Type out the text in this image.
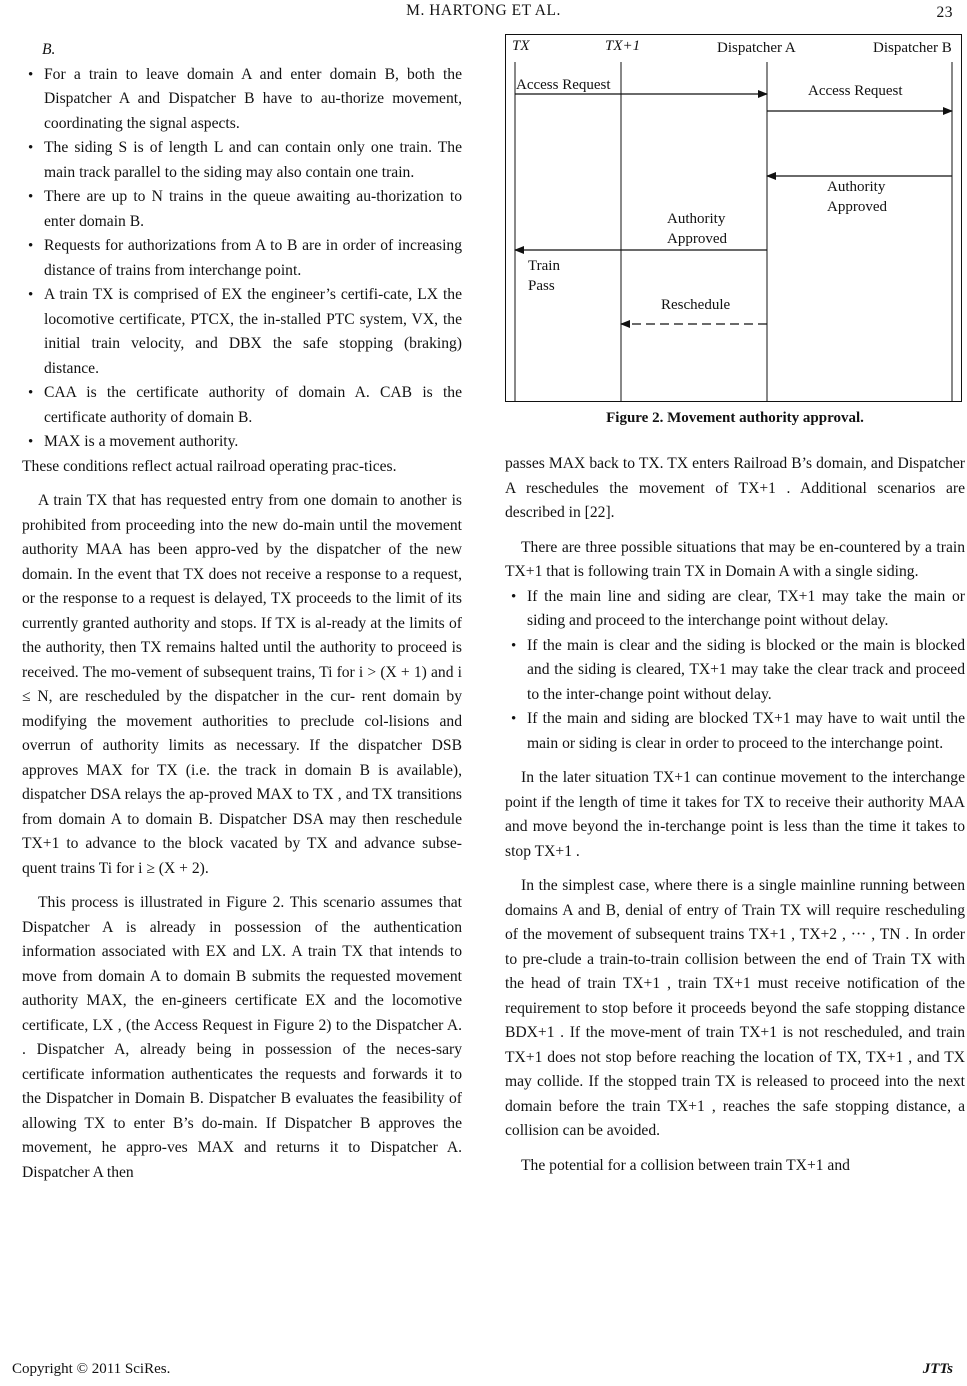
M. HARTONG ET AL.	23

B.

• For a train to leave domain A and enter domain B, both the Dispatcher A and Dispatcher B have to au-thorize movement, coordinating the signal aspects.
• The siding S is of length L and can contain only one train. The main track parallel to the siding may also contain one train.
• There are up to N trains in the queue awaiting au-thorization to enter domain B.
• Requests for authorizations from A to B are in order of increasing distance of trains from interchange point.
• A train TX is comprised of EX the engineer’s certifi-cate, LX the locomotive certificate, PTCX, the in-stalled PTC system, VX, the initial train velocity, and DBX the safe stopping (braking) distance.
• CAA is the certificate authority of domain A. CAB is the certificate authority of domain B.
• MAX is a movement authority.

These conditions reflect actual railroad operating prac-tices.

A train TX that has requested entry from one domain to another is prohibited from proceeding into the new do-main until the movement authority MAA has been appro-ved by the dispatcher of the new domain. In the event that TX does not receive a response to a request, or the response to a request is delayed, TX proceeds to the limit of its currently granted authority and stops. If TX is al-ready at the limits of the authority, then TX remains halted until the authority to proceed is received. The mo-vement of subsequent trains, Ti for i > (X + 1) and i ≤ N, are rescheduled by the dispatcher in the cur- rent domain by modifying the movement authorities to preclude col-lisions and overrun of authority limits as necessary. If the dispatcher DSB approves MAX for TX (i.e. the track in domain B is available), dispatcher DSA relays the ap-proved MAX to TX , and TX transitions from domain A to domain B. Dispatcher DSA may then reschedule TX+1 to advance to the block vacated by TX and advance subse-quent trains Ti for i ≥ (X + 2).

This process is illustrated in Figure 2. This scenario assumes that Dispatcher A is already in possession of the authentication information associated with EX and LX. A train TX that intends to move from domain A to domain B submits the requested movement authority MAX, the en-gineers certificate EX and the locomotive certificate, LX , (the Access Request in Figure 2) to the Dispatcher A. . Dispatcher A, already being in possession of the neces-sary certificate information authenticates the requests and forwards it to the Dispatcher in Domain B. Dispatcher B evaluates the feasibility of allowing TX to enter B’s do-main. If Dispatcher B approves the movement, he appro-ves MAX and returns it to Dispatcher A. Dispatcher A then

TX	TX+1	Dispatcher A	Dispatcher B
Access Request	Access Request
Authority
Approved
Authority
Approved
Train
Pass
Reschedule
Figure 2. Movement authority approval.

passes MAX back to TX. TX enters Railroad B’s domain, and Dispatcher A reschedules the movement of TX+1 . Additional scenarios are described in [22].

There are three possible situations that may be en-countered by a train TX+1 that is following train TX in Domain A with a single siding.

• If the main line and siding are clear, TX+1 may take the main or siding and proceed to the interchange point without delay.
• If the main is clear and the siding is blocked or the main is blocked and the siding is cleared, TX+1 may take the clear track and proceed to the inter-change point without delay.
• If the main and siding are blocked TX+1 may have to wait until the main or siding is clear in order to proceed to the interchange point.

In the later situation TX+1 can continue movement to the interchange point if the length of time it takes for TX to receive their authority MAA and move beyond the in-terchange point is less than the time it takes to stop TX+1 .

In the simplest case, where there is a single mainline running between domains A and B, denial of entry of Train TX will require rescheduling of the movement of subsequent trains TX+1 , TX+2 , ··· , TN . In order to pre-clude a train-to-train collision between the end of Train TX with the head of train TX+1 , train TX+1 must receive notification of the requirement to stop before it proceeds beyond the safe stopping distance BDX+1 . If the move-ment of train TX+1 is not rescheduled, and train TX+1 does not stop before reaching the location of TX, TX+1 , and TX may collide. If the stopped train TX is released to proceed into the next domain before the train TX+1 , reaches the safe stopping distance, a collision can be avoided.

The potential for a collision between train TX+1 and

Copyright © 2011 SciRes.	JTTs
